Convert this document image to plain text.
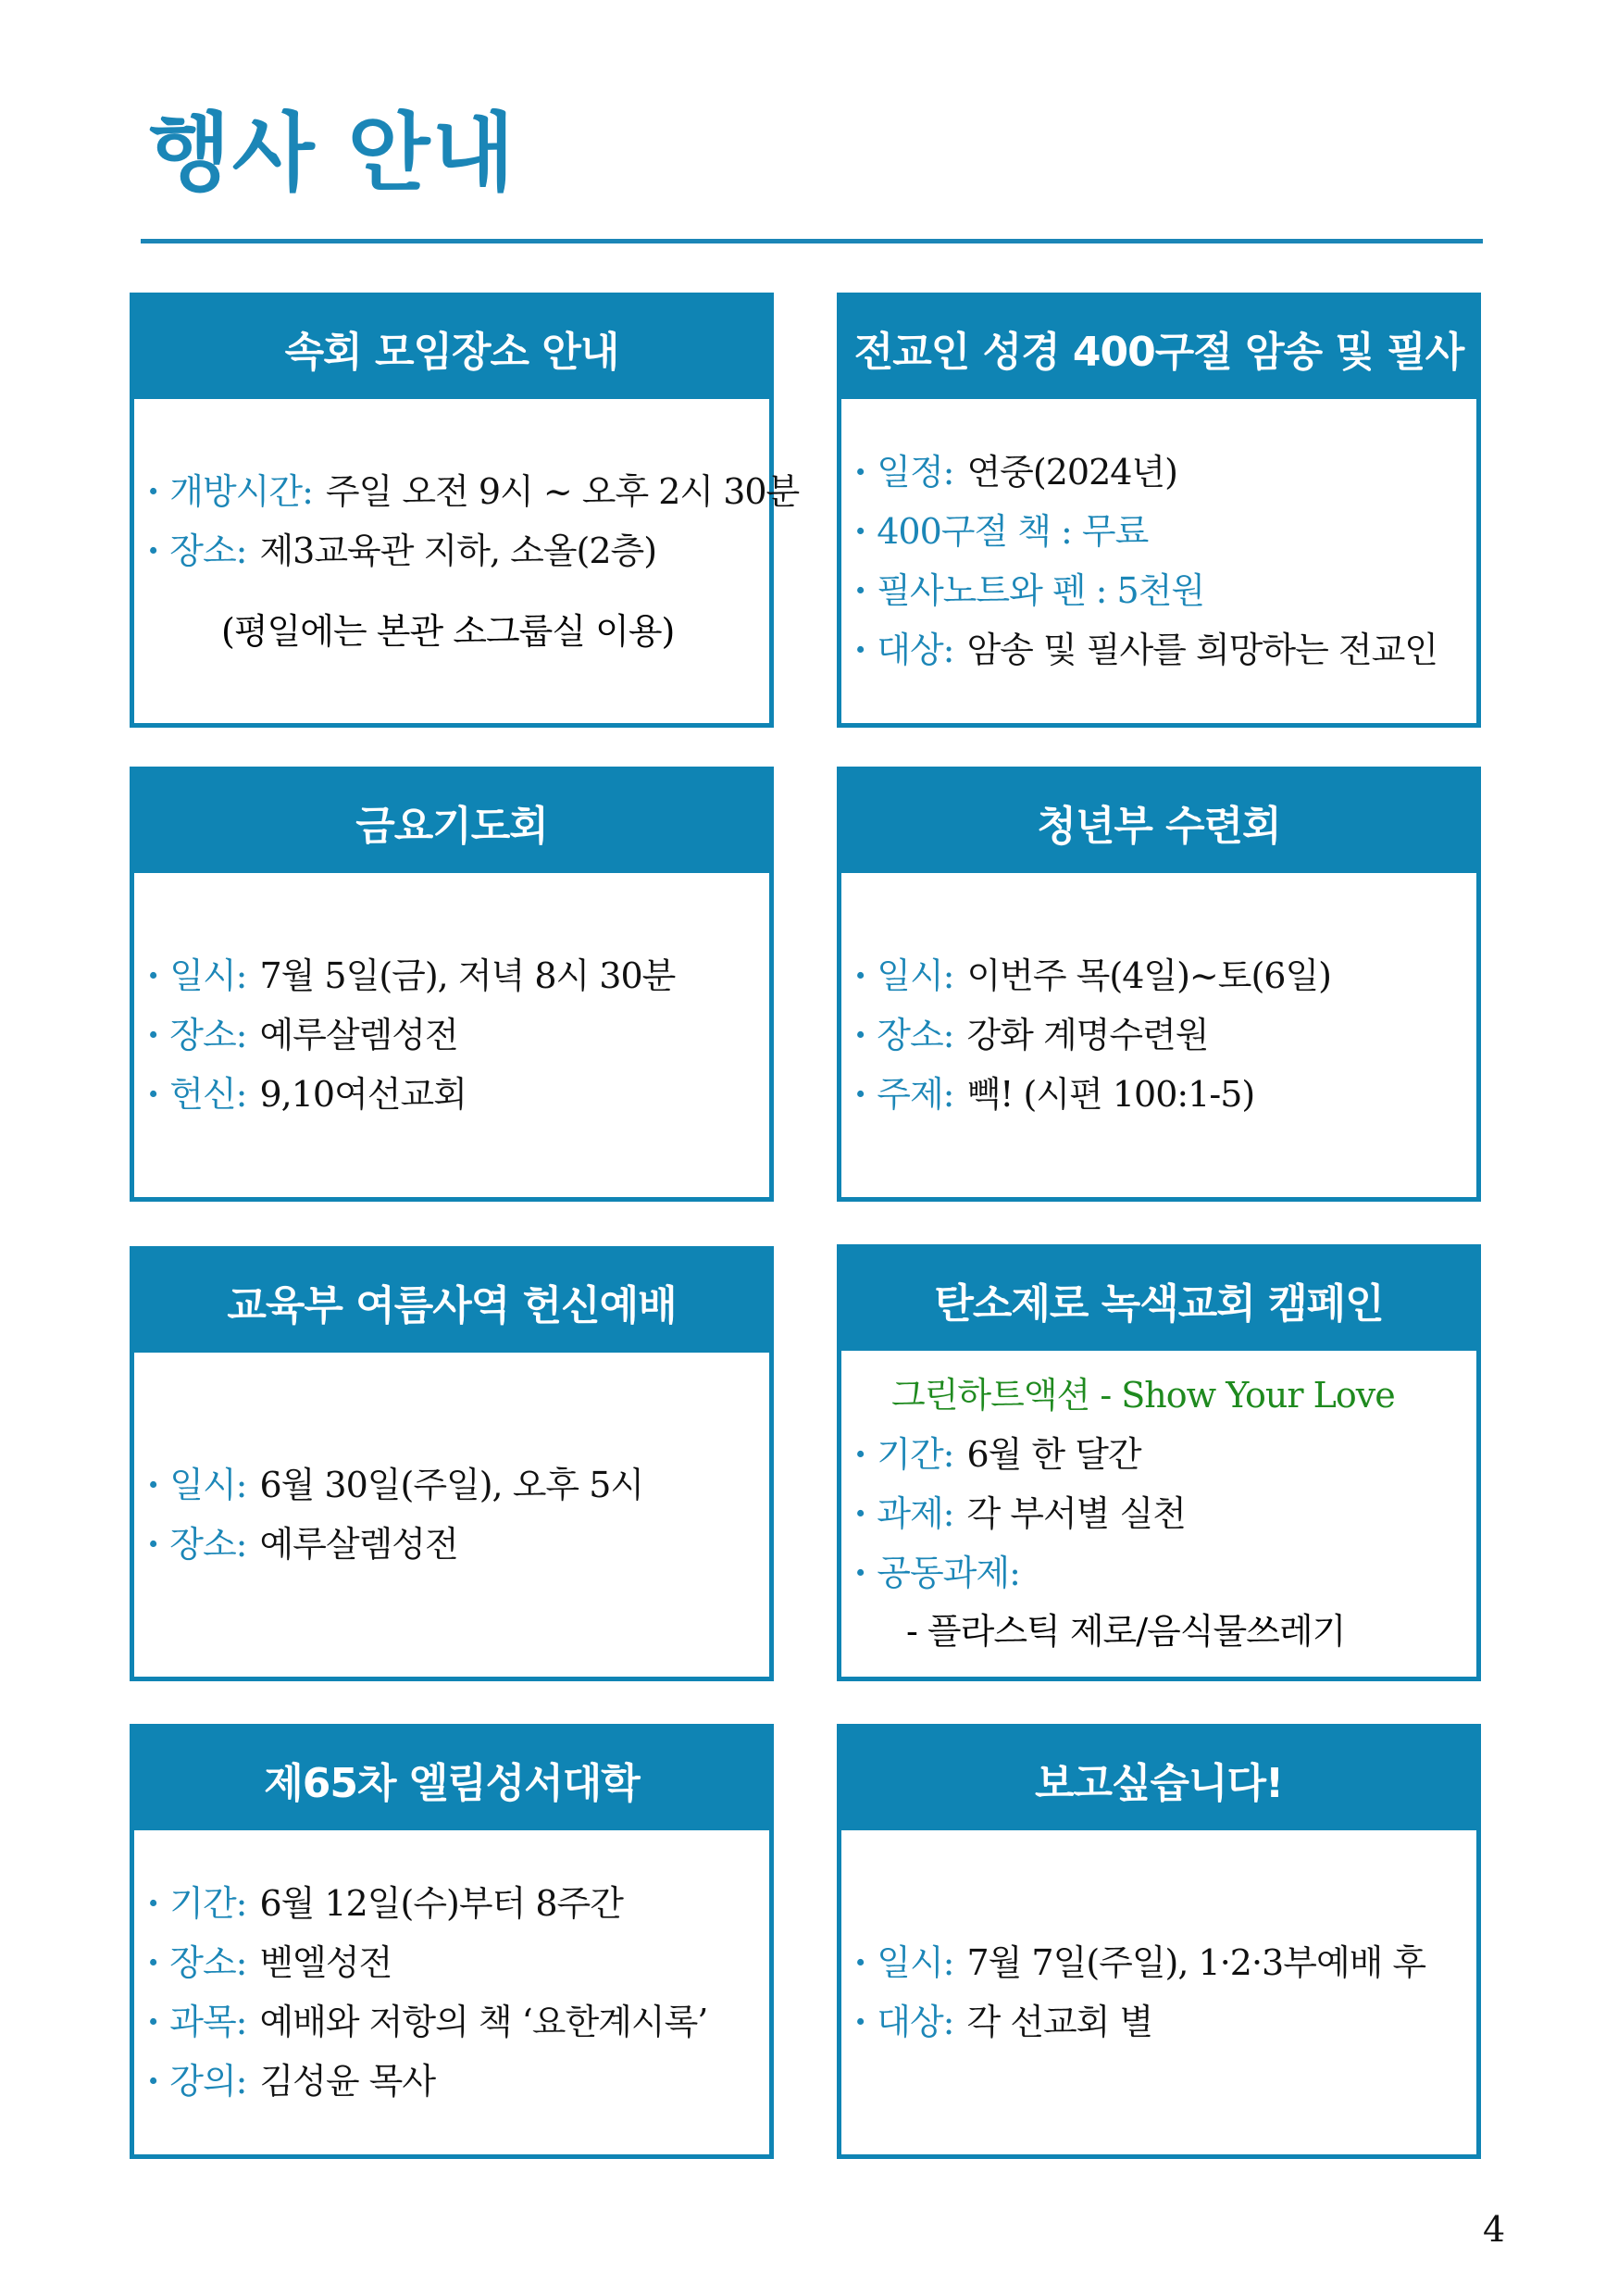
행사 안내
속회 모임장소 안내
· 개방시간: 주일 오전 9시 ~ 오후 2시 30분
· 장소: 제3교육관 지하, 소올(2층)
(평일에는 본관 소그룹실 이용)
전교인 성경 400구절 암송 및 필사
· 일정: 연중(2024년)
· 400구절 책 : 무료
· 필사노트와 펜 : 5천원
· 대상: 암송 및 필사를 희망하는 전교인
금요기도회
· 일시: 7월 5일(금), 저녁 8시 30분
· 장소: 예루살렘성전
· 헌신: 9,10여선교회
청년부 수련회
· 일시: 이번주 목(4일)~토(6일)
· 장소: 강화 계명수련원
· 주제: 빽! (시편 100:1-5)
교육부 여름사역 헌신예배
· 일시: 6월 30일(주일), 오후 5시
· 장소: 예루살렘성전
탄소제로 녹색교회 캠페인
그린하트액션 - Show Your Love
· 기간: 6월 한 달간
· 과제: 각 부서별 실천
· 공동과제:
- 플라스틱 제로/음식물쓰레기
제65차 엘림성서대학
· 기간: 6월 12일(수)부터 8주간
· 장소: 벧엘성전
· 과목: 예배와 저항의 책 ‘요한계시록’
· 강의: 김성윤 목사
보고싶습니다!
· 일시: 7월 7일(주일), 1·2·3부예배 후
· 대상: 각 선교회 별
4
